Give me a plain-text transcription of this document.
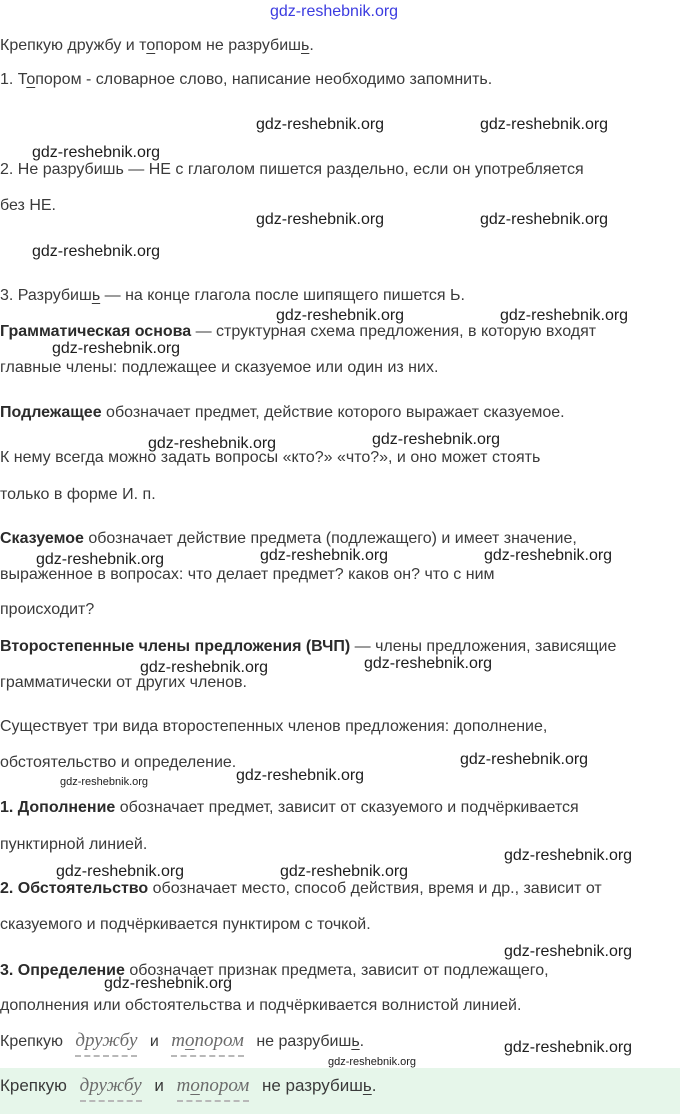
gdz-reshebnik.org
Крепкую дружбу и топором не разрубишь.
1. Топором - словарное слово, написание необходимо запомнить.
gdz-reshebnik.org	gdz-reshebnik.org
gdz-reshebnik.org
2. Не разрубишь — НЕ с глаголом пишется раздельно, если он употребляется
без НЕ.
gdz-reshebnik.org	gdz-reshebnik.org
gdz-reshebnik.org
3. Разрубишь — на конце глагола после шипящего пишется Ь.
gdz-reshebnik.org	gdz-reshebnik.org
Грамматическая основа — структурная схема предложения, в которую входят
gdz-reshebnik.org
главные члены: подлежащее и сказуемое или один из них.
Подлежащее обозначает предмет, действие которого выражает сказуемое.
gdz-reshebnik.org	gdz-reshebnik.org
К нему всегда можно задать вопросы «кто?» «что?», и оно может стоять
только в форме И. п.
Сказуемое обозначает действие предмета (подлежащего) и имеет значение,
gdz-reshebnik.org	gdz-reshebnik.org	gdz-reshebnik.org
выраженное в вопросах: что делает предмет? каков он? что с ним
происходит?
Второстепенные члены предложения (ВЧП) — члены предложения, зависящие
gdz-reshebnik.org	gdz-reshebnik.org
грамматически от других членов.
Существует три вида второстепенных членов предложения: дополнение,
gdz-reshebnik.org
обстоятельство и определение.
gdz-reshebnik.org	gdz-reshebnik.org
1. Дополнение обозначает предмет, зависит от сказуемого и подчёркивается
пунктирной линией.
gdz-reshebnik.org
gdz-reshebnik.org	gdz-reshebnik.org
2. Обстоятельство обозначает место, способ действия, время и др., зависит от
сказуемого и подчёркивается пунктиром с точкой.
gdz-reshebnik.org
3. Определение обозначает признак предмета, зависит от подлежащего,
gdz-reshebnik.org
дополнения или обстоятельства и подчёркивается волнистой линией.
Крепкую дружбу и топором не разрубишь.
gdz-reshebnik.org
gdz-reshebnik.org
Крепкую дружбу и топором не разрубишь.
